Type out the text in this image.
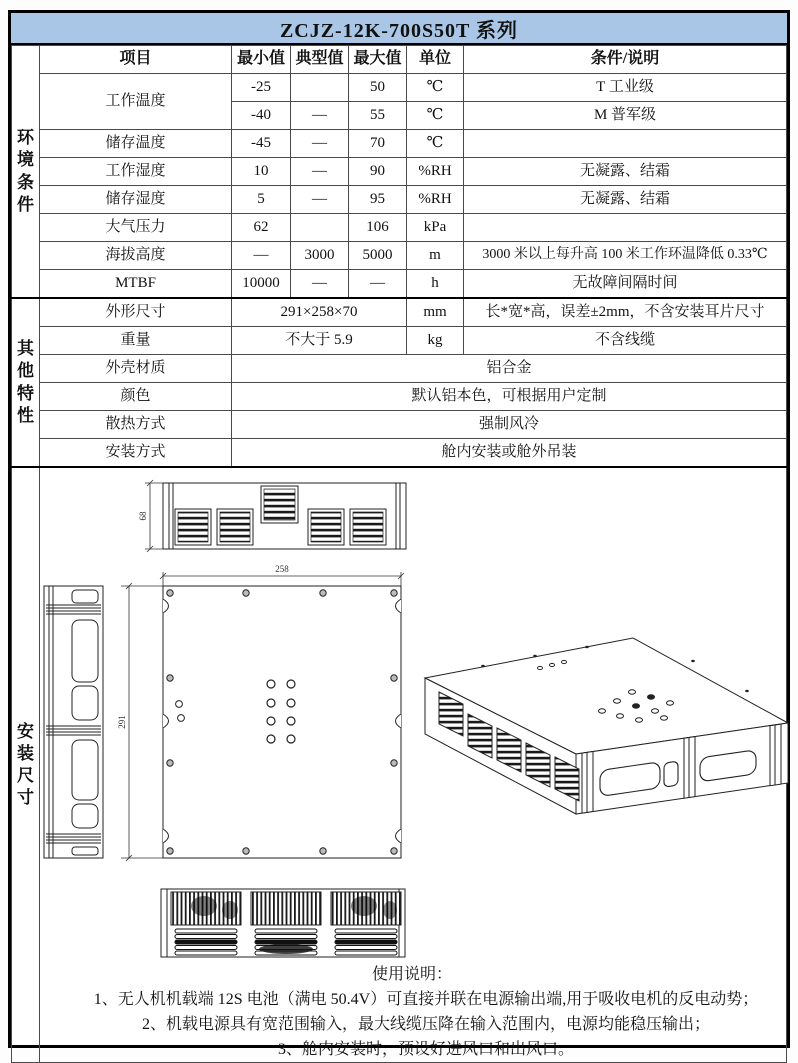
ZCJZ-12K-700S50T 系列
环境条件	项目	最小值	典型值	最大值	单位	条件/说明
	工作温度	-25		50	℃	T 工业级
		-40	—	55	℃	M 普军级
	储存温度	-45	—	70	℃	
	工作湿度	10	—	90	%RH	无凝露、结霜
	储存湿度	5	—	95	%RH	无凝露、结霜
	大气压力	62		106	kPa	
	海拔高度	—	3000	5000	m	3000 米以上每升高 100 米工作环温降低 0.33℃
	MTBF	10000	—	—	h	无故障间隔时间

其他特性	外形尺寸	291×258×70			mm	长*宽*高，误差±2mm，不含安装耳片尺寸
	重量	不大于 5.9			kg	不含线缆
	外壳材质	铝合金				
	颜色	默认铝本色，可根据用户定制				
	散热方式	强制风冷				
	安装方式	舱内安装或舱外吊装				

安装尺寸

68
258
291
使用说明：
1、无人机机载端 12S 电池（满电 50.4V）可直接并联在电源输出端,用于吸收电机的反电动势；
2、机载电源具有宽范围输入，最大线缆压降在输入范围内，电源均能稳压输出；
3、舱内安装时，预设好进风口和出风口。
